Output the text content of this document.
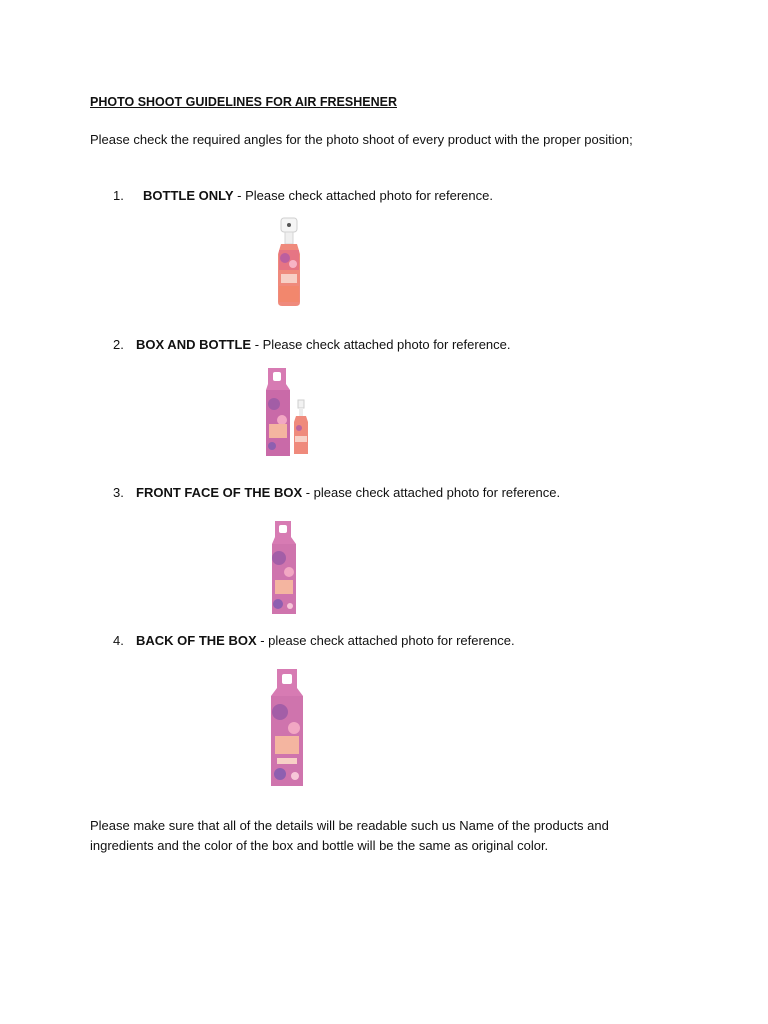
PHOTO SHOOT GUIDELINES FOR AIR FRESHENER
Please check the required angles for the photo shoot of every product with the proper position;
1. BOTTLE ONLY - Please check attached photo for reference.
2. BOX AND BOTTLE - Please check attached photo for reference.
3. FRONT FACE OF THE BOX - please check attached photo for reference.
4. BACK OF THE BOX - please check attached photo for reference.
Please make sure that all of the details will be readable such us Name of the products and ingredients and the color of the box and bottle will be the same as original color.
